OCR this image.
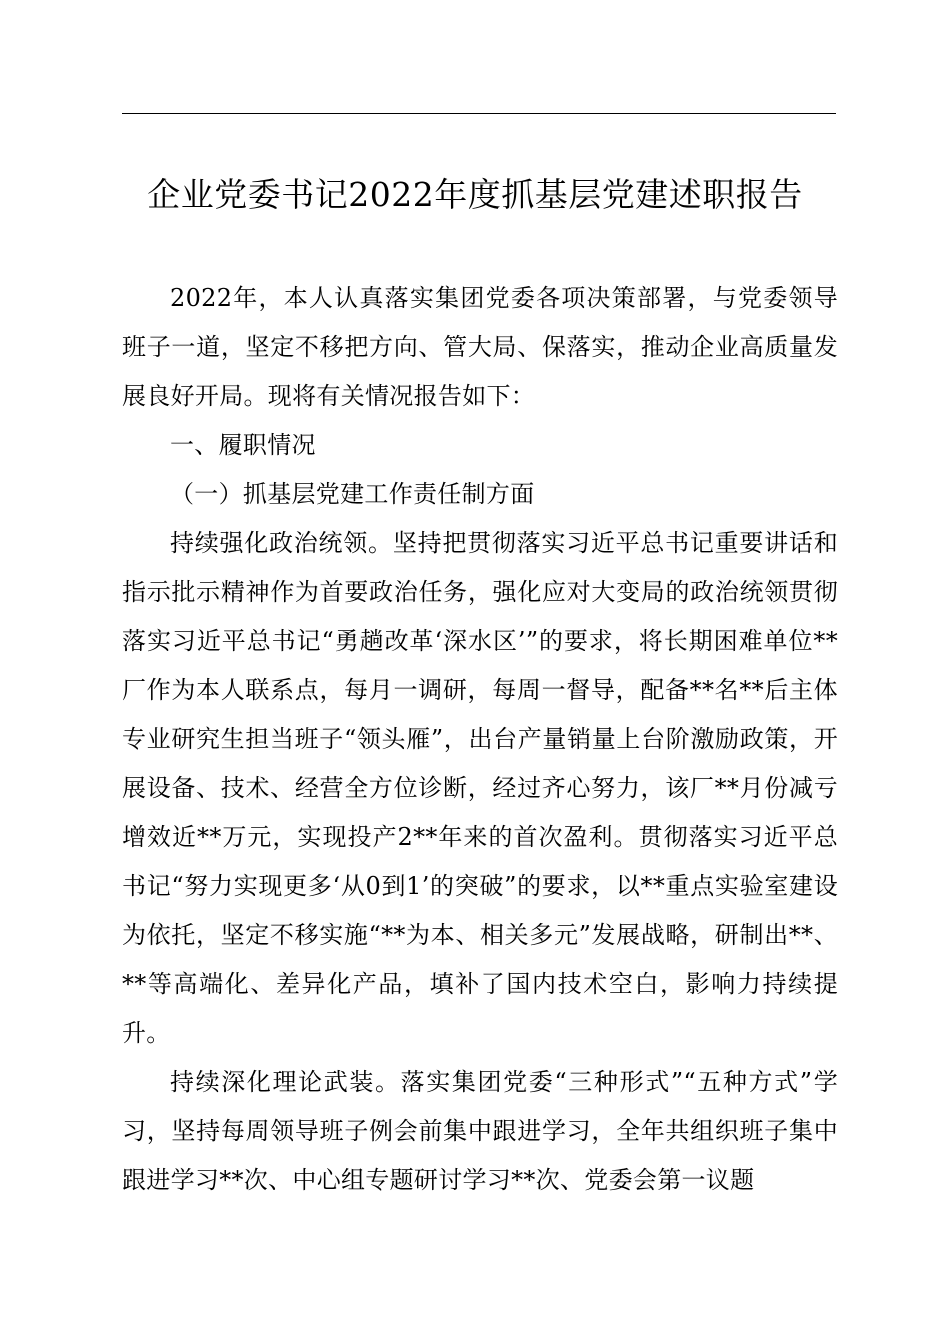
企业党委书记2022年度抓基层党建述职报告

2022年，本人认真落实集团党委各项决策部署，与党委领导班子一道，坚定不移把方向、管大局、保落实，推动企业高质量发展良好开局。现将有关情况报告如下：

一、履职情况

（一）抓基层党建工作责任制方面

持续强化政治统领。坚持把贯彻落实习近平总书记重要讲话和指示批示精神作为首要政治任务，强化应对大变局的政治统领贯彻落实习近平总书记“勇趟改革‘深水区’”的要求，将长期困难单位**厂作为本人联系点，每月一调研，每周一督导，配备**名**后主体专业研究生担当班子“领头雁”，出台产量销量上台阶激励政策，开展设备、技术、经营全方位诊断，经过齐心努力，该厂**月份减亏增效近**万元，实现投产2**年来的首次盈利。贯彻落实习近平总书记“努力实现更多‘从0到1’的突破”的要求，以**重点实验室建设为依托，坚定不移实施“**为本、相关多元”发展战略，研制出**、**等高端化、差异化产品，填补了国内技术空白，影响力持续提升。

持续深化理论武装。落实集团党委“三种形式”“五种方式”学习，坚持每周领导班子例会前集中跟进学习，全年共组织班子集中跟进学习**次、中心组专题研讨学习**次、党委会第一议题
